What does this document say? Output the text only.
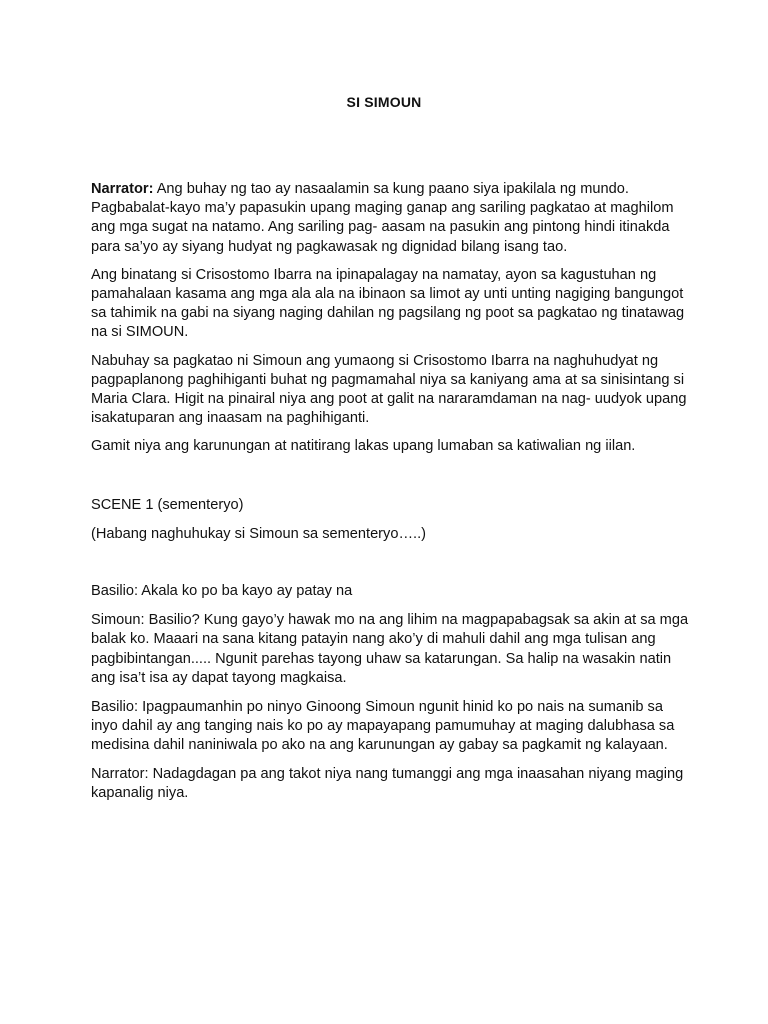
SI SIMOUN

Narrator: Ang buhay ng tao ay nasaalamin sa kung paano siya ipakilala ng mundo. Pagbabalat-kayo ma’y papasukin upang maging ganap ang sariling pagkatao at maghilom ang mga sugat na natamo. Ang sariling pag- aasam na pasukin ang pintong hindi itinakda para sa’yo ay siyang hudyat ng pagkawasak ng dignidad bilang isang tao.

Ang binatang si Crisostomo Ibarra na ipinapalagay na namatay, ayon sa kagustuhan ng pamahalaan kasama ang mga ala ala na ibinaon sa limot ay unti unting nagiging bangungot sa tahimik na gabi na siyang naging dahilan ng pagsilang ng poot sa pagkatao ng tinatawag na si SIMOUN.

Nabuhay sa pagkatao ni Simoun ang yumaong si Crisostomo Ibarra na naghuhudyat ng pagpaplanong paghihiganti buhat ng pagmamahal niya sa kaniyang ama at sa sinisintang si Maria Clara. Higit na pinairal niya ang poot at galit na nararamdaman na nag- uudyok upang isakatuparan ang inaasam na paghihiganti.

Gamit niya ang karunungan at natitirang lakas upang lumaban sa katiwalian ng iilan.

SCENE 1 (sementeryo)

(Habang naghuhukay si Simoun sa sementeryo…..)

Basilio: Akala ko po ba kayo ay patay na

Simoun: Basilio? Kung gayo’y hawak mo na ang lihim na magpapabagsak sa akin at sa mga balak ko. Maaari na sana kitang patayin nang ako’y di mahuli dahil ang mga tulisan ang pagbibintangan..... Ngunit parehas tayong uhaw sa katarungan. Sa halip na wasakin natin ang isa’t isa ay dapat tayong magkaisa.

Basilio: Ipagpaumanhin po ninyo Ginoong Simoun ngunit hinid ko po nais na sumanib sa inyo dahil ay ang tanging nais ko po ay mapayapang pamumuhay at maging dalubhasa sa medisina dahil naniniwala po ako na ang karunungan ay gabay sa pagkamit ng kalayaan.

Narrator: Nadagdagan pa ang takot niya nang tumanggi ang mga inaasahan niyang maging kapanalig niya.
